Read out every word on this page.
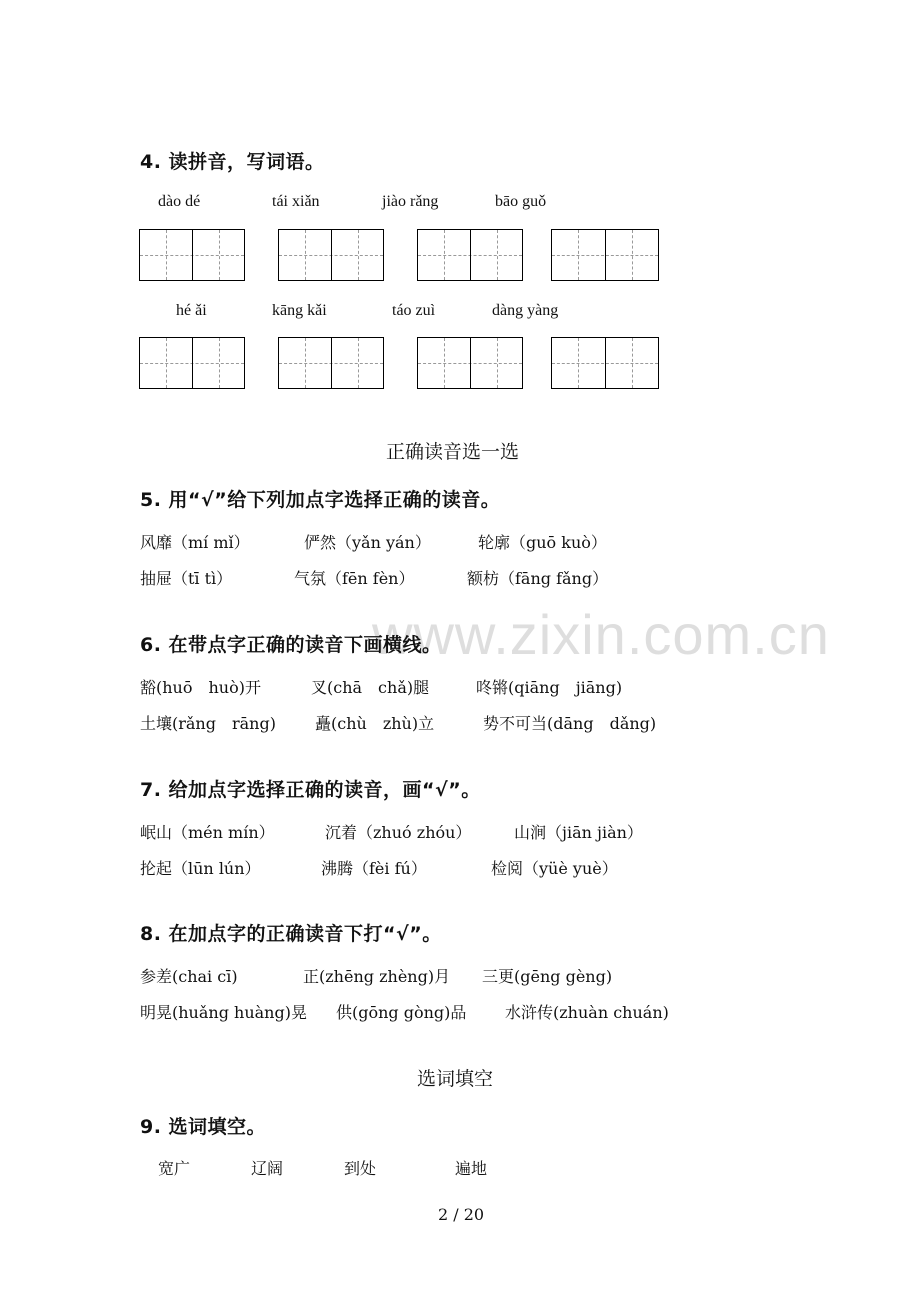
www.zixin.com.cn
4. 读拼音，写词语。
dào dé	tái xiǎn	jiào rǎng	bāo guǒ
hé ǎi	kāng kǎi	táo zuì	dàng yàng
正确读音选一选
5. 用“√”给下列加点字选择正确的读音。
风靡（mí mǐ）	俨然（yǎn yán）	轮廓（guō kuò）
抽屉（tī tì）	气氛（fēn fèn）	额枋（fāng fǎng）
6. 在带点字正确的读音下画横线。
豁(huō　huò)开	叉(chā　chǎ)腿	咚锵(qiāng　jiāng)
土壤(rǎng　rāng) 矗(chù　zhù)立	势不可当(dāng　dǎng)
7. 给加点字选择正确的读音，画“√”。
岷山（mén mín）	沉着（zhuó zhóu）	山涧（jiān jiàn）
抡起（lūn lún）	沸腾（fèi fú）	检阅（yüè yuè）
8. 在加点字的正确读音下打“√”。
参差(chai cī)	正(zhēng zhèng)月 三更(gēng gèng)
明晃(huǎng huàng)晃 供(gōng gòng)品 水浒传(zhuàn chuán)
选词填空
9. 选词填空。
宽广	辽阔	到处	遍地
2 / 20
